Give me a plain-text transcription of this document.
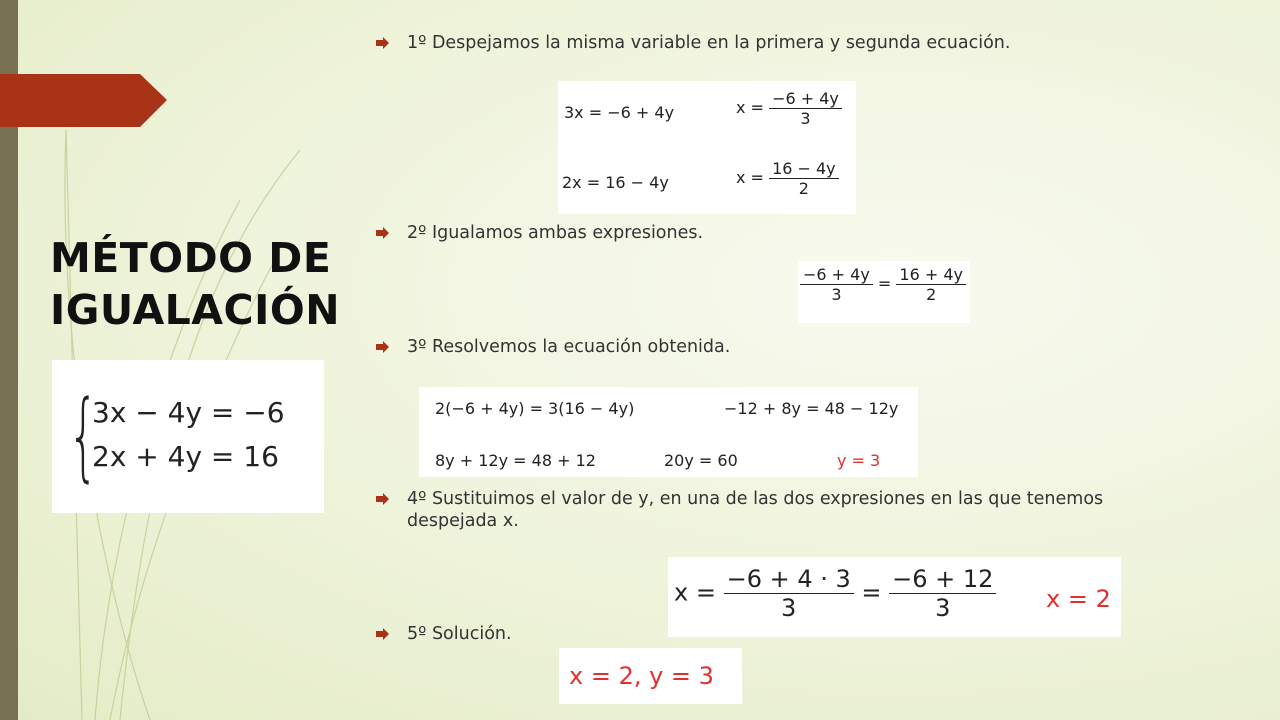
MÉTODO DE
IGUALACIÓN
{
3x − 4y = −6
2x + 4y = 16
1º Despejamos la misma variable en la primera y segunda ecuación.
3x = −6 + 4y	$x = \frac{-6 + 4y}{3}$
2x = 16 − 4y	$x = \frac{16 - 4y}{2}$
2º Igualamos ambas expresiones.
$\frac{-6 + 4y}{3} = \frac{16 + 4y}{2}$
3º Resolvemos la ecuación obtenida.
2(−6 + 4y) = 3(16 − 4y)	−12 + 8y = 48 − 12y
8y + 12y = 48 + 12	20y = 60	y = 3
4º Sustituimos el valor de y, en una de las dos expresiones en las que tenemos despejada x.
$x = \frac{-6 + 4 \cdot 3}{3} = \frac{-6 + 12}{3}$ x = 2
5º Solución.
x = 2, y = 3
